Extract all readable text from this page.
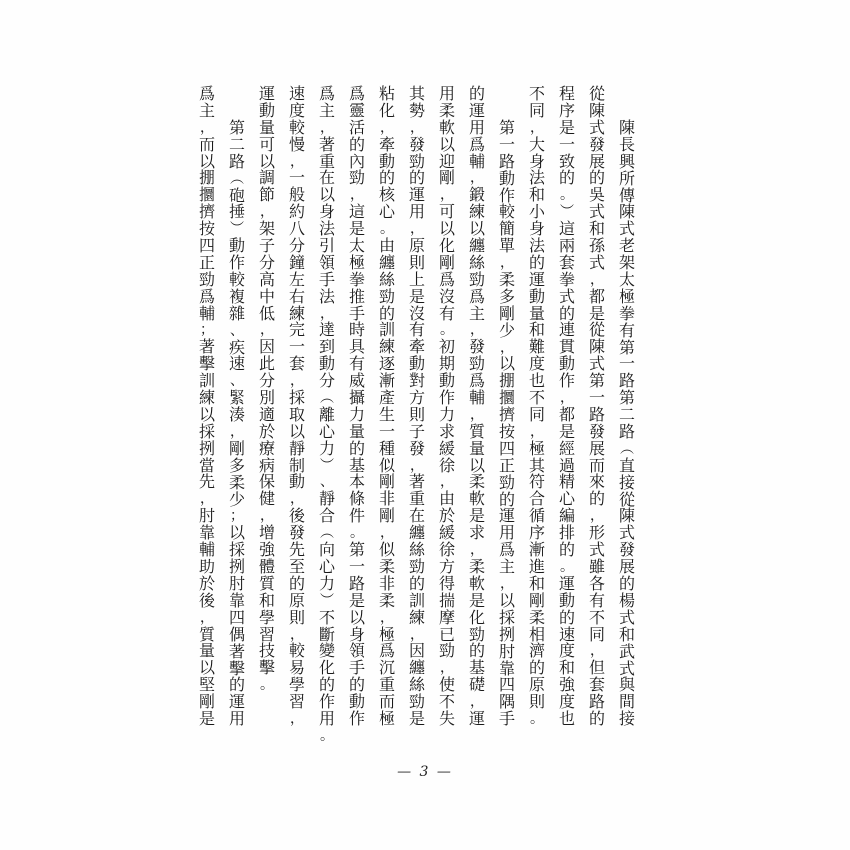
陳
長
興
所
傳
陳
式
老
架
太
極
拳
有
第
一
路
第
二
路
︵
直
接
從
陳
式
發
展
的
楊
式
和
武
式
與
間
接
從
陳
式
發
展
的
吳
式
和
孫
式
，
都
是
從
陳
式
第
一
路
發
展
而
來
的
，
形
式
雖
各
有
不
同
，
但
套
路
的
程
序
是
一
致
的
。
︶
這
兩
套
拳
式
的
連
貫
動
作
，
都
是
經
過
精
心
編
排
的
。
運
動
的
速
度
和
強
度
也
不
同
，
大
身
法
和
小
身
法
的
運
動
量
和
難
度
也
不
同
，
極
其
符
合
循
序
漸
進
和
剛
柔
相
濟
的
原
則
。
第
一
路
動
作
較
簡
單
，
柔
多
剛
少
，
以
掤
攌
擠
按
四
正
勁
的
運
用
爲
主
，
以
採
挒
肘
靠
四
隅
手
的
運
用
爲
輔
，
鍛
練
以
纏
絲
勁
爲
主
，
發
勁
爲
輔
，
質
量
以
柔
軟
是
求
，
柔
軟
是
化
勁
的
基
礎
，
運
用
柔
軟
以
迎
剛
，
可
以
化
剛
爲
沒
有
。
初
期
動
作
力
求
緩
徐
，
由
於
緩
徐
方
得
揣
摩
已
勁
，
使
不
失
其
勢
，
發
勁
的
運
用
，
原
則
上
是
沒
有
牽
動
對
方
則
子
發
，
著
重
在
纏
絲
勁
的
訓
練
，
因
纏
絲
勁
是
粘
化
，
牽
動
的
核
心
。
由
纏
絲
勁
的
訓
練
逐
漸
產
生
一
種
似
剛
非
剛
，
似
柔
非
柔
，
極
爲
沉
重
而
極
爲
靈
活
的
內
勁
，
這
是
太
極
拳
推
手
時
具
有
威
攝
力
量
的
基
本
條
件
。
第
一
路
是
以
身
領
手
的
動
作
爲
主
，
著
重
在
以
身
法
引
領
手
法
，
達
到
動
分
︵
離
心
力
︶
、
靜
合
︵
向
心
力
︶
不
斷
變
化
的
作
用
。
速
度
較
慢
，
一
般
約
八
分
鐘
左
右
練
完
一
套
，
採
取
以
靜
制
動
，
後
發
先
至
的
原
則
，
較
易
學
習
，
運
動
量
可
以
調
節
，
架
子
分
高
中
低
，
因
此
分
別
適
於
療
病
保
健
，
增
強
體
質
和
學
習
技
擊
。
第
二
路
︵
砲
捶
︶
動
作
較
複
雜
、
疾
速
、
緊
湊
，
剛
多
柔
少
；
以
採
挒
肘
靠
四
偶
著
擊
的
運
用
爲
主
，
而
以
掤
攌
擠
按
四
正
勁
爲
輔
；
著
擊
訓
練
以
採
挒
當
先
，
肘
靠
輔
助
於
後
，
質
量
以
堅
剛
是
— 3 —
